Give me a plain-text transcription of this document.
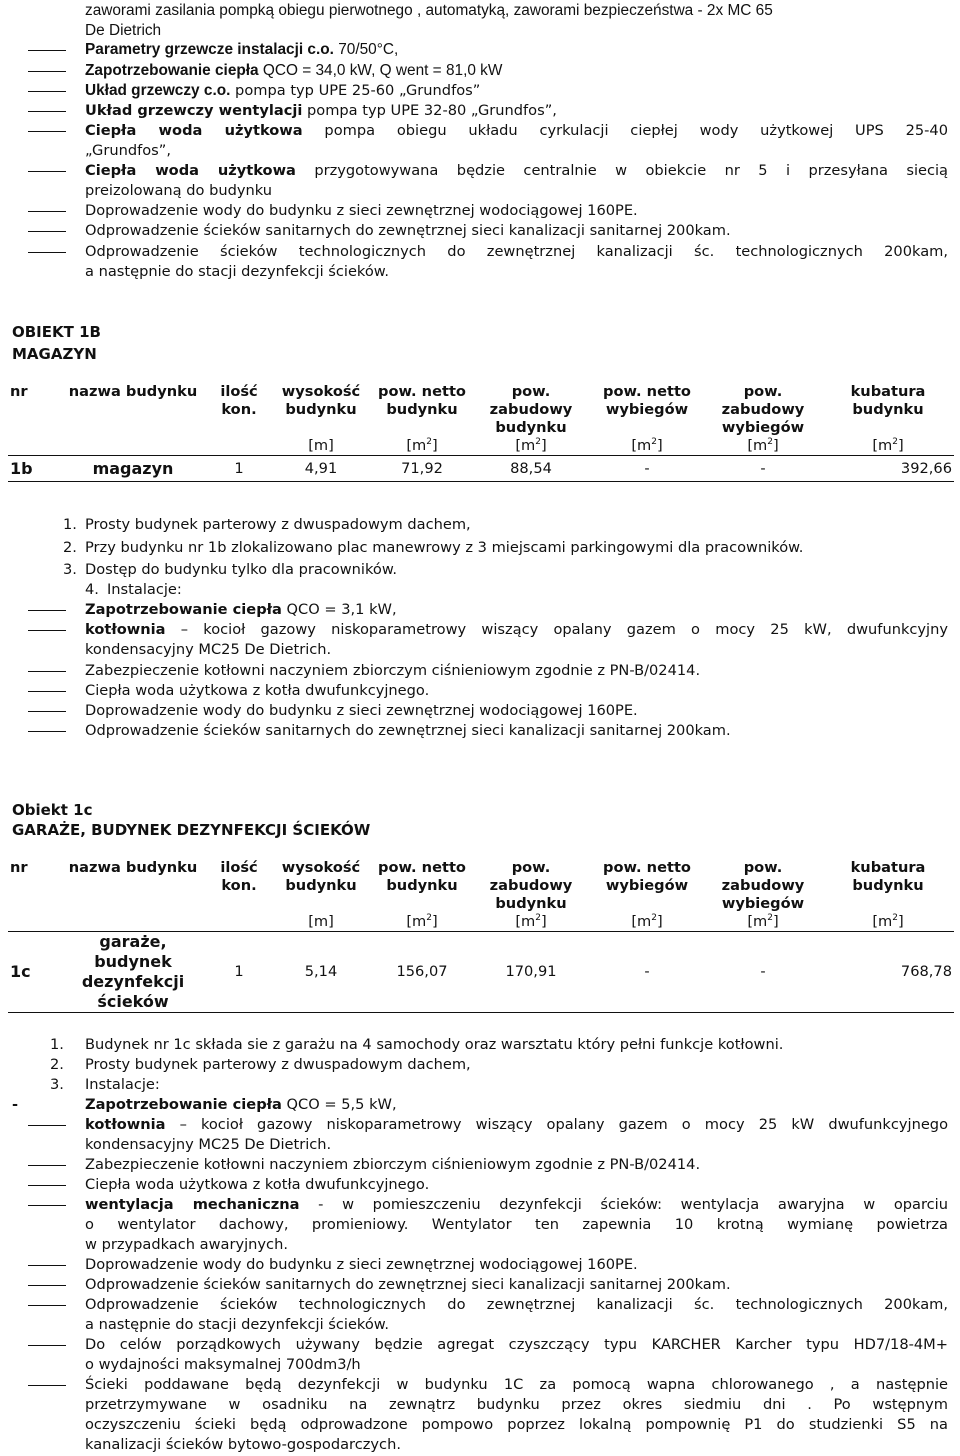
zaworami zasilania pompką obiegu pierwotnego , automatyką, zaworami bezpieczeństwa - 2x MC 65
De Dietrich
Parametry grzewcze instalacji c.o. 70/50°C,
Zapotrzebowanie ciepła QCO = 34,0 kW, Q went = 81,0 kW
Układ grzewczy c.o. pompa typ UPE 25-60 „Grundfos”
Układ grzewczy wentylacji pompa typ UPE 32-80 „Grundfos”,
Ciepła woda użytkowa pompa obiegu układu cyrkulacji ciepłej wody użytkowej UPS 25-40
„Grundfos”,
Ciepła woda użytkowa przygotowywana będzie centralnie w obiekcie nr 5 i przesyłana siecią
preizolowaną do budynku
Doprowadzenie wody do budynku z sieci zewnętrznej wodociągowej 160PE.
Odprowadzenie ścieków sanitarnych do zewnętrznej sieci kanalizacji sanitarnej 200kam.
Odprowadzenie ścieków technologicznych do zewnętrznej kanalizacji śc. technologicznych 200kam,
a następnie do stacji dezynfekcji ścieków.
OBIEKT 1B
MAGAZYN
nr	nazwa budynku	ilość kon.	wysokość budynku	pow. netto budynku	pow. zabudowy budynku	pow. netto wybiegów	pow. zabudowy wybiegów	kubatura budynku
			[m]	$[m^2]$	$[m^2]$	$[m^2]$	$[m^2]$	$[m^2]$
1b	magazyn	1	4,91	71,92	88,54	-	-	392,66
1. Prosty budynek parterowy z dwuspadowym dachem,
2. Przy budynku nr 1b zlokalizowano plac manewrowy z 3 miejscami parkingowymi dla pracowników.
3. Dostęp do budynku tylko dla pracowników.
4. Instalacje:
Zapotrzebowanie ciepła QCO = 3,1 kW,
kotłownia – kocioł gazowy niskoparametrowy wiszący opalany gazem o mocy 25 kW, dwufunkcyjny
kondensacyjny MC25 De Dietrich.
Zabezpieczenie kotłowni naczyniem zbiorczym ciśnieniowym zgodnie z PN-B/02414.
Ciepła woda użytkowa z kotła dwufunkcyjnego.
Doprowadzenie wody do budynku z sieci zewnętrznej wodociągowej 160PE.
Odprowadzenie ścieków sanitarnych do zewnętrznej sieci kanalizacji sanitarnej 200kam.
Obiekt 1c
GARAŻE, BUDYNEK DEZYNFEKCJI ŚCIEKÓW
nr	nazwa budynku	ilość kon.	wysokość budynku	pow. netto budynku	pow. zabudowy budynku	pow. netto wybiegów	pow. zabudowy wybiegów	kubatura budynku
			[m]	$[m^2]$	$[m^2]$	$[m^2]$	$[m^2]$	$[m^2]$
1c	garaże, budynek dezynfekcji ścieków	1	5,14	156,07	170,91	-	-	768,78
1. Budynek nr 1c składa sie z garażu na 4 samochody oraz warsztatu który pełni funkcje kotłowni.
2. Prosty budynek parterowy z dwuspadowym dachem,
3. Instalacje:
-	Zapotrzebowanie ciepła QCO = 5,5 kW,
kotłownia – kocioł gazowy niskoparametrowy wiszący opalany gazem o mocy 25 kW dwufunkcyjnego
kondensacyjny MC25 De Dietrich.
Zabezpieczenie kotłowni naczyniem zbiorczym ciśnieniowym zgodnie z PN-B/02414.
Ciepła woda użytkowa z kotła dwufunkcyjnego.
wentylacja mechaniczna - w pomieszczeniu dezynfekcji ścieków: wentylacja awaryjna w oparciu
o wentylator dachowy, promieniowy. Wentylator ten zapewnia 10 krotną wymianę powietrza
w przypadkach awaryjnych.
Doprowadzenie wody do budynku z sieci zewnętrznej wodociągowej 160PE.
Odprowadzenie ścieków sanitarnych do zewnętrznej sieci kanalizacji sanitarnej 200kam.
Odprowadzenie ścieków technologicznych do zewnętrznej kanalizacji śc. technologicznych 200kam,
a następnie do stacji dezynfekcji ścieków.
Do celów porządkowych używany będzie agregat czyszczący typu KARCHER Karcher typu HD7/18-4M+
o wydajności maksymalnej 700dm3/h
Ścieki poddawane będą dezynfekcji w budynku 1C za pomocą wapna chlorowanego , a następnie
przetrzymywane w osadniku na zewnątrz budynku przez okres siedmiu dni . Po wstępnym
oczyszczeniu ścieki będą odprowadzone pompowo poprzez lokalną pompownię P1 do studzienki S5 na
kanalizacji ścieków bytowo-gospodarczych.
